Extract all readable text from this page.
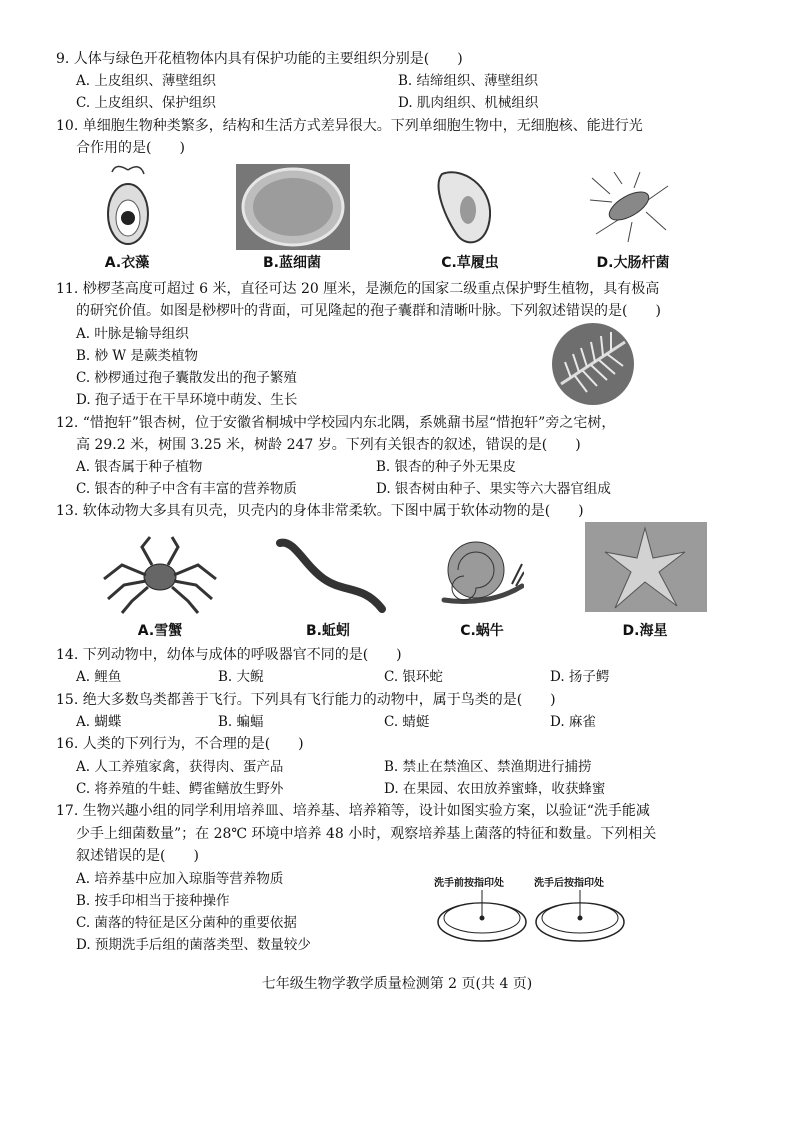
9. 人体与绿色开花植物体内具有保护功能的主要组织分别是(　　)
A. 上皮组织、薄壁组织	B. 结缔组织、薄壁组织
C. 上皮组织、保护组织	D. 肌肉组织、机械组织
10. 单细胞生物种类繁多，结构和生活方式差异很大。下列单细胞生物中，无细胞核、能进行光
合作用的是(　　)
A.衣藻	B.蓝细菌	C.草履虫	D.大肠杆菌
11. 桫椤茎高度可超过 6 米，直径可达 20 厘米，是濒危的国家二级重点保护野生植物，具有极高
的研究价值。如图是桫椤叶的背面，可见隆起的孢子囊群和清晰叶脉。下列叙述错误的是(　　)
A. 叶脉是输导组织
B. 桫 W 是蕨类植物
C. 桫椤通过孢子囊散发出的孢子繁殖
D. 孢子适于在干旱环境中萌发、生长
12. “惜抱轩”银杏树，位于安徽省桐城中学校园内东北隅，系姚鼐书屋“惜抱轩”旁之宅树，
高 29.2 米，树围 3.25 米，树龄 247 岁。下列有关银杏的叙述，错误的是(　　)
A. 银杏属于种子植物	B. 银杏的种子外无果皮
C. 银杏的种子中含有丰富的营养物质	D. 银杏树由种子、果实等六大器官组成
13. 软体动物大多具有贝壳，贝壳内的身体非常柔软。下图中属于软体动物的是(　　)
A.雪蟹	B.蚯蚓	C.蜗牛	D.海星
14. 下列动物中，幼体与成体的呼吸器官不同的是(　　)
A. 鲤鱼	B. 大鲵	C. 银环蛇	D. 扬子鳄
15. 绝大多数鸟类都善于飞行。下列具有飞行能力的动物中，属于鸟类的是(　　)
A. 蝴蝶	B. 蝙蝠	C. 蜻蜓	D. 麻雀
16. 人类的下列行为，不合理的是(　　)
A. 人工养殖家禽，获得肉、蛋产品	B. 禁止在禁渔区、禁渔期进行捕捞
C. 将养殖的牛蛙、鳄雀鳝放生野外	D. 在果园、农田放养蜜蜂，收获蜂蜜
17. 生物兴趣小组的同学利用培养皿、培养基、培养箱等，设计如图实验方案，以验证“洗手能减
少手上细菌数量”；在 28℃ 环境中培养 48 小时，观察培养基上菌落的特征和数量。下列相关
叙述错误的是(　　)
A. 培养基中应加入琼脂等营养物质
B. 按手印相当于接种操作
C. 菌落的特征是区分菌种的重要依据
D. 预期洗手后组的菌落类型、数量较少
洗手前按指印处	洗手后按指印处
七年级生物学教学质量检测第 2 页(共 4 页)
